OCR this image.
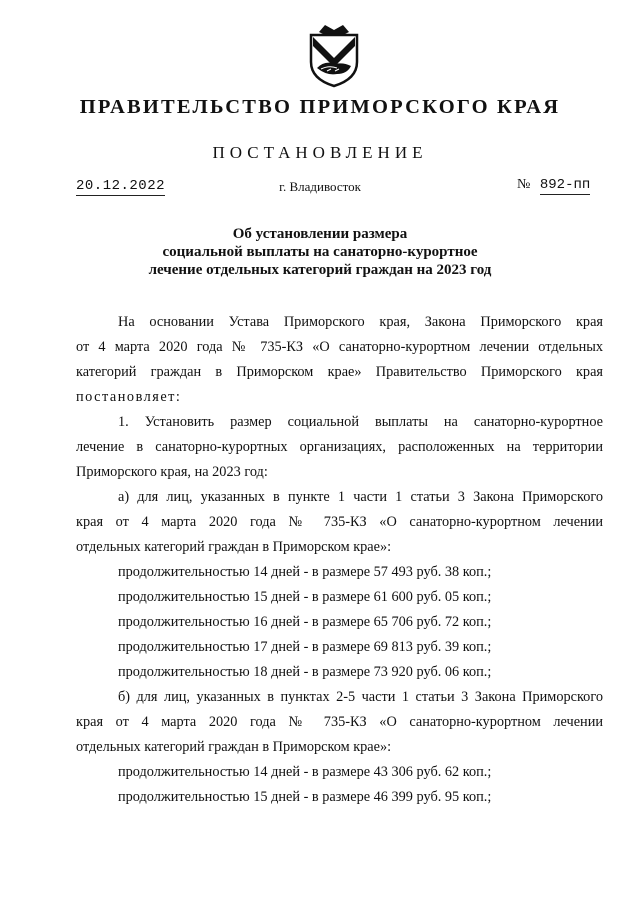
ПРАВИТЕЛЬСТВО ПРИМОРСКОГО КРАЯ
ПОСТАНОВЛЕНИЕ
20.12.2022	г. Владивосток	№ 892-пп
Об установлении размера
социальной выплаты на санаторно-курортное
лечение отдельных категорий граждан на 2023 год
На основании Устава Приморского края, Закона Приморского края
от 4 марта 2020 года № 735-КЗ «О санаторно-курортном лечении отдельных
категорий граждан в Приморском крае» Правительство Приморского края
постановляет:
1. Установить размер социальной выплаты на санаторно-курортное
лечение в санаторно-курортных организациях, расположенных на территории
Приморского края, на 2023 год:
а) для лиц, указанных в пункте 1 части 1 статьи 3 Закона Приморского
края от 4 марта 2020 года № 735-КЗ «О санаторно-курортном лечении
отдельных категорий граждан в Приморском крае»:
продолжительностью 14 дней - в размере 57 493 руб. 38 коп.;
продолжительностью 15 дней - в размере 61 600 руб. 05 коп.;
продолжительностью 16 дней - в размере 65 706 руб. 72 коп.;
продолжительностью 17 дней - в размере 69 813 руб. 39 коп.;
продолжительностью 18 дней - в размере 73 920 руб. 06 коп.;
б) для лиц, указанных в пунктах 2-5 части 1 статьи 3 Закона Приморского
края от 4 марта 2020 года № 735-КЗ «О санаторно-курортном лечении
отдельных категорий граждан в Приморском крае»:
продолжительностью 14 дней - в размере 43 306 руб. 62 коп.;
продолжительностью 15 дней - в размере 46 399 руб. 95 коп.;
